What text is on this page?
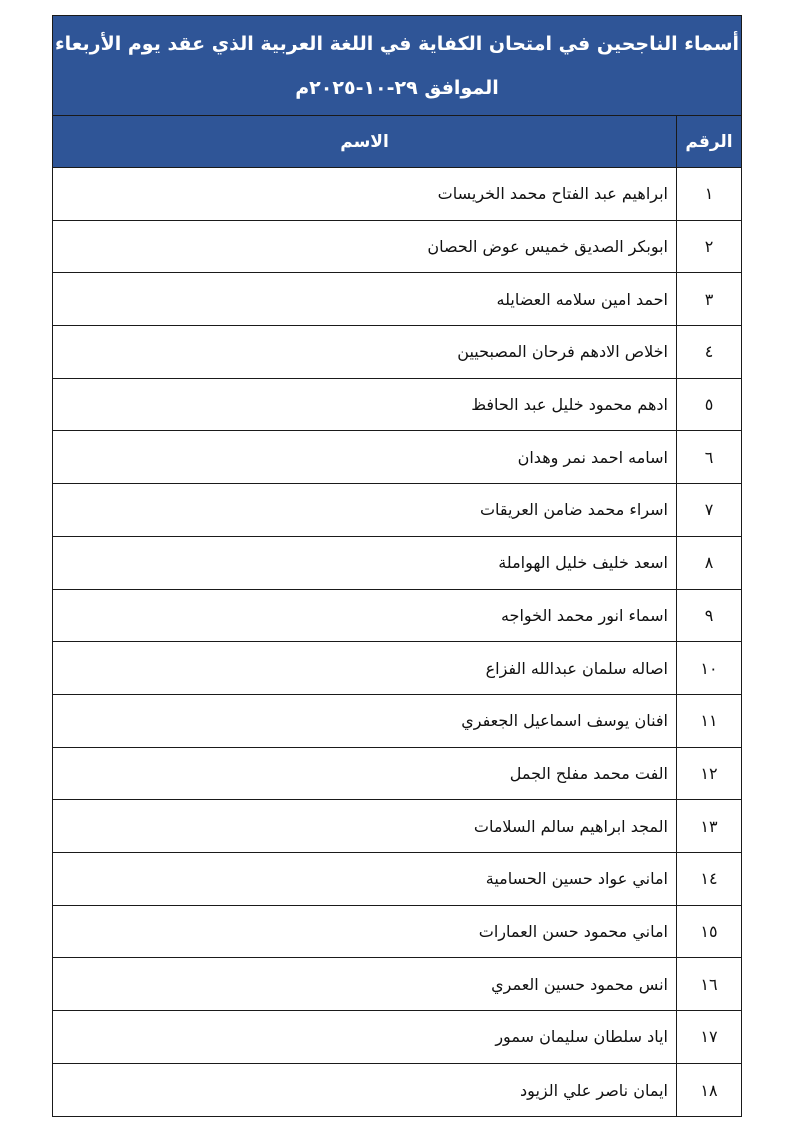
أسماء الناجحين في امتحان الكفاية في اللغة العربية الذي عقد يوم الأربعاء
الموافق ٢٩-١٠-٢٠٢٥م
الرقم
الاسم
١
ابراهيم عبد الفتاح محمد الخريسات
٢
ابوبكر الصديق خميس عوض الحصان
٣
احمد امين سلامه العضايله
٤
اخلاص الادهم فرحان المصبحيين
٥
ادهم محمود خليل عبد الحافظ
٦
اسامه احمد نمر وهدان
٧
اسراء محمد ضامن العريقات
٨
اسعد خليف خليل الهواملة
٩
اسماء انور محمد الخواجه
١٠
اصاله سلمان عبدالله الفزاع
١١
افنان يوسف اسماعيل الجعفري
١٢
الفت محمد مفلح الجمل
١٣
المجد ابراهيم سالم السلامات
١٤
اماني عواد حسين الحسامية
١٥
اماني محمود حسن العمارات
١٦
انس محمود حسين العمري
١٧
اياد سلطان سليمان سمور
١٨
ايمان ناصر علي الزيود
